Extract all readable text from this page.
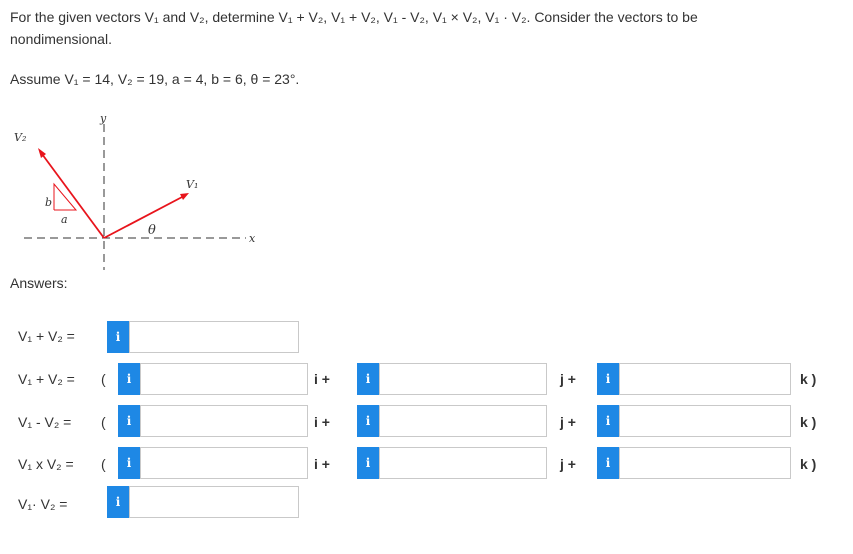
For the given vectors V₁ and V₂, determine V₁ + V₂, V₁ + V₂, V₁ - V₂, V₁ × V₂, V₁ · V₂. Consider the vectors to be
nondimensional.
Assume V₁ = 14, V₂ = 19, a = 4, b = 6, θ = 23°.
y
x
V₂
V₁
b
a
θ
Answers:
V₁ + V₂ =	i
V₁ + V₂ = (	i	i +	i	j +	i	k )
V₁ - V₂ = (	i	i +	i	j +	i	k )
V₁ x V₂ = (	i	i +	i	j +	i	k )
V₁· V₂ =	i
